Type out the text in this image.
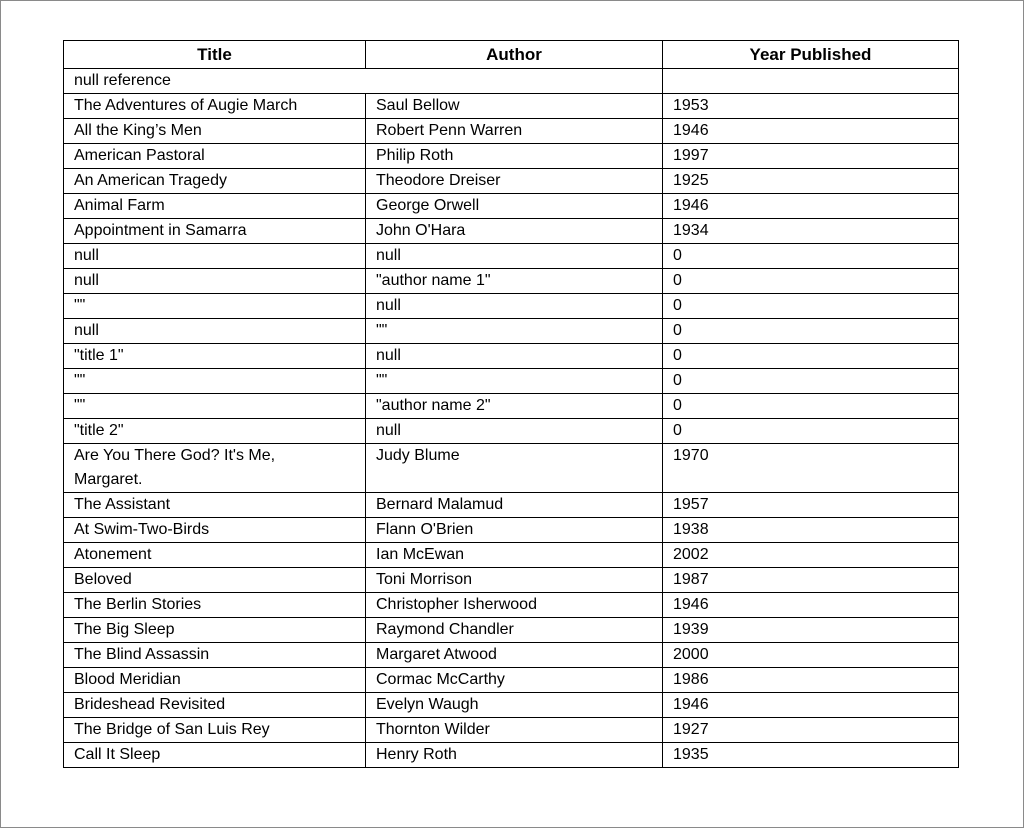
Title	Author	Year Published
null reference		
The Adventures of Augie March	Saul Bellow	1953
All the King’s Men	Robert Penn Warren	1946
American Pastoral	Philip Roth	1997
An American Tragedy	Theodore Dreiser	1925
Animal Farm	George Orwell	1946
Appointment in Samarra	John O'Hara	1934
null	null	0
null	"author name 1"	0
""	null	0
null	""	0
"title 1"	null	0
""	""	0
""	"author name 2"	0
"title 2"	null	0
Are You There God? It's Me,
Margaret.	Judy Blume	1970
The Assistant	Bernard Malamud	1957
At Swim-Two-Birds	Flann O'Brien	1938
Atonement	Ian McEwan	2002
Beloved	Toni Morrison	1987
The Berlin Stories	Christopher Isherwood	1946
The Big Sleep	Raymond Chandler	1939
The Blind Assassin	Margaret Atwood	2000
Blood Meridian	Cormac McCarthy	1986
Brideshead Revisited	Evelyn Waugh	1946
The Bridge of San Luis Rey	Thornton Wilder	1927
Call It Sleep	Henry Roth	1935
